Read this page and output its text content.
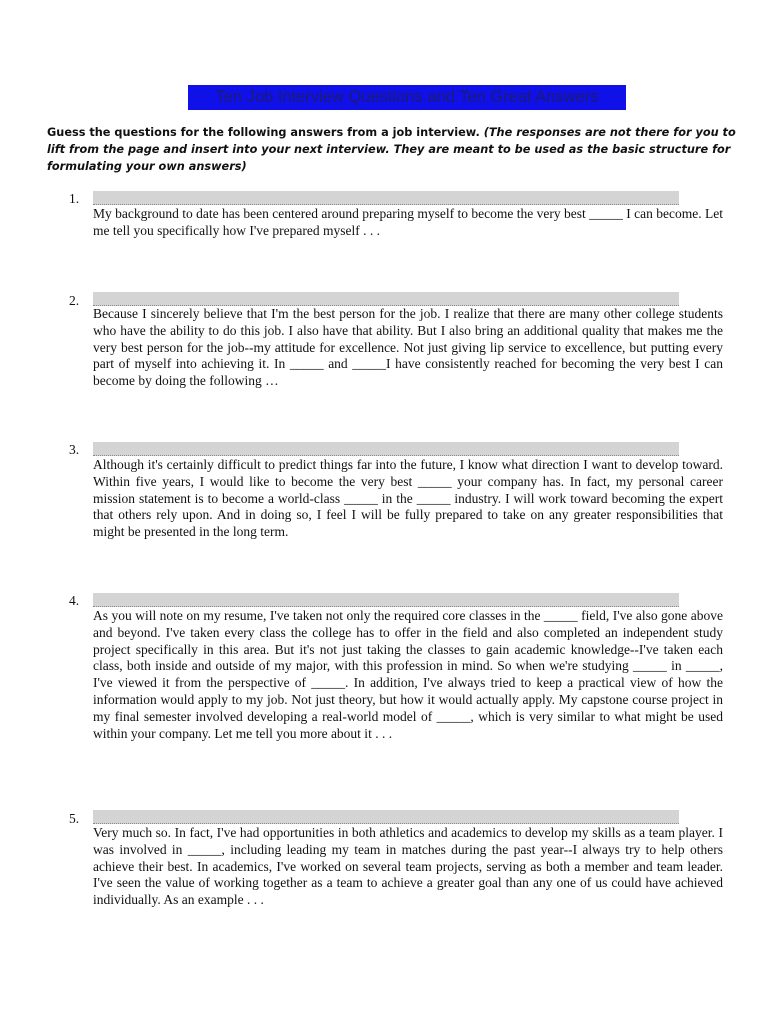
Ten Job Interview Questions and Ten Great Answers
Guess the questions for the following answers from a job interview. (The responses are not there for you to lift from the page and insert into your next interview. They are meant to be used as the basic structure for formulating your own answers)
1.
My background to date has been centered around preparing myself to become the very best _____ I can become. Let me tell you specifically how I've prepared myself . . .
2.
Because I sincerely believe that I'm the best person for the job. I realize that there are many other college students who have the ability to do this job. I also have that ability. But I also bring an additional quality that makes me the very best person for the job--my attitude for excellence. Not just giving lip service to excellence, but putting every part of myself into achieving it. In _____ and _____I have consistently reached for becoming the very best I can become by doing the following …
3.
Although it's certainly difficult to predict things far into the future, I know what direction I want to develop toward. Within five years, I would like to become the very best _____ your company has. In fact, my personal career mission statement is to become a world-class _____ in the _____ industry. I will work toward becoming the expert that others rely upon. And in doing so, I feel I will be fully prepared to take on any greater responsibilities that might be presented in the long term.
4.
As you will note on my resume, I've taken not only the required core classes in the _____ field, I've also gone above and beyond. I've taken every class the college has to offer in the field and also completed an independent study project specifically in this area. But it's not just taking the classes to gain academic knowledge--I've taken each class, both inside and outside of my major, with this profession in mind. So when we're studying _____ in _____, I've viewed it from the perspective of _____. In addition, I've always tried to keep a practical view of how the information would apply to my job. Not just theory, but how it would actually apply. My capstone course project in my final semester involved developing a real-world model of _____, which is very similar to what might be used within your company. Let me tell you more about it . . .
5.
Very much so. In fact, I've had opportunities in both athletics and academics to develop my skills as a team player. I was involved in _____, including leading my team in matches during the past year--I always try to help others achieve their best. In academics, I've worked on several team projects, serving as both a member and team leader. I've seen the value of working together as a team to achieve a greater goal than any one of us could have achieved individually. As an example . . .
